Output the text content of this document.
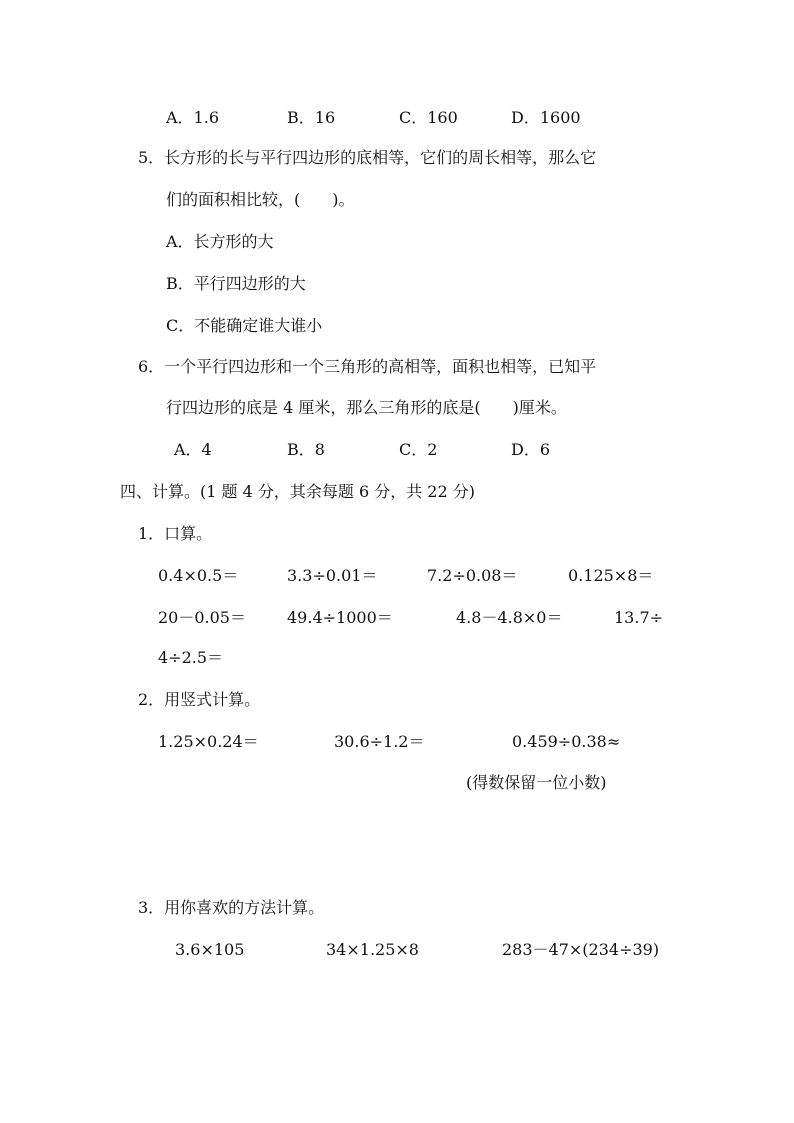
A．1.6	B．16	C．160	D．1600
5．长方形的长与平行四边形的底相等，它们的周长相等，那么它
们的面积相比较，(　　)。
A．长方形的大
B．平行四边形的大
C．不能确定谁大谁小
6．一个平行四边形和一个三角形的高相等，面积也相等，已知平
行四边形的底是 4 厘米，那么三角形的底是(　　)厘米。
A．4	B．8	C．2	D．6
四、计算。(1 题 4 分，其余每题 6 分，共 22 分)
1．口算。
0.4×0.5＝	3.3÷0.01＝	7.2÷0.08＝	0.125×8＝
20－0.05＝	49.4÷1000＝	4.8－4.8×0＝	13.7÷
4÷2.5＝
2．用竖式计算。
1.25×0.24＝	30.6÷1.2＝	0.459÷0.38≈
(得数保留一位小数)
3．用你喜欢的方法计算。
3.6×105	34×1.25×8	283－47×(234÷39)
